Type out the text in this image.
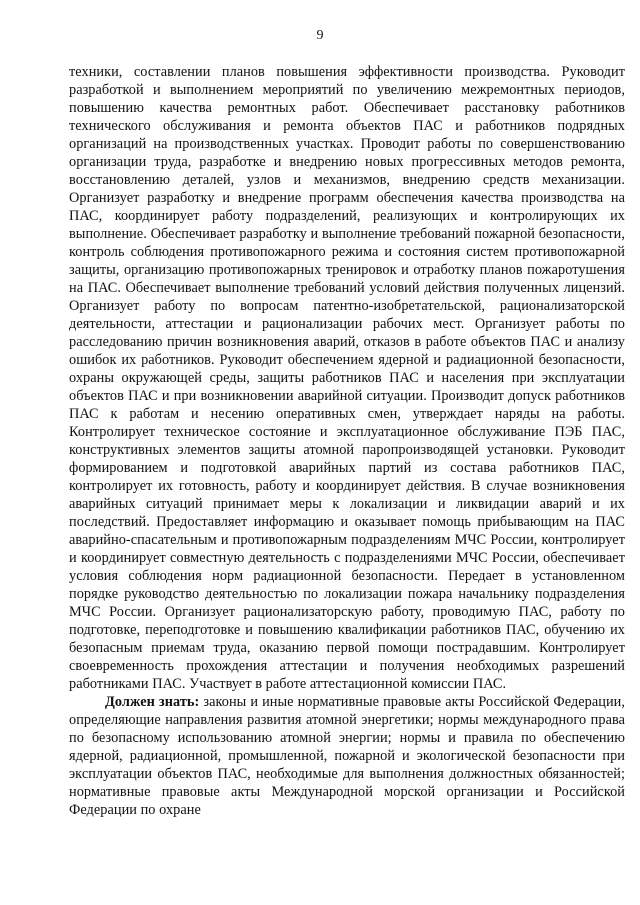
9

техники, составлении планов повышения эффективности производства. Руководит разработкой и выполнением мероприятий по увеличению межремонтных периодов, повышению качества ремонтных работ. Обеспечивает расстановку работников технического обслуживания и ремонта объектов ПАС и работников подрядных организаций на производственных участках. Проводит работы по совершенствованию организации труда, разработке и внедрению новых прогрессивных методов ремонта, восстановлению деталей, узлов и механизмов, внедрению средств механизации. Организует разработку и внедрение программ обеспечения качества производства на ПАС, координирует работу подразделений, реализующих и контролирующих их выполнение. Обеспечивает разработку и выполнение требований пожарной безопасности, контроль соблюдения противопожарного режима и состояния систем противопожарной защиты, организацию противопожарных тренировок и отработку планов пожаротушения на ПАС. Обеспечивает выполнение требований условий действия полученных лицензий. Организует работу по вопросам патентно-изобретательской, рационализаторской деятельности, аттестации и рационализации рабочих мест. Организует работы по расследованию причин возникновения аварий, отказов в работе объектов ПАС и анализу ошибок их работников. Руководит обеспечением ядерной и радиационной безопасности, охраны окружающей среды, защиты работников ПАС и населения при эксплуатации объектов ПАС и при возникновении аварийной ситуации. Производит допуск работников ПАС к работам и несению оперативных смен, утверждает наряды на работы. Контролирует техническое состояние и эксплуатационное обслуживание ПЭБ ПАС, конструктивных элементов защиты атомной паропроизводящей установки. Руководит формированием и подготовкой аварийных партий из состава работников ПАС, контролирует их готовность, работу и координирует действия. В случае возникновения аварийных ситуаций принимает меры к локализации и ликвидации аварий и их последствий. Предоставляет информацию и оказывает помощь прибывающим на ПАС аварийно-спасательным и противопожарным подразделениям МЧС России, контролирует и координирует совместную деятельность с подразделениями МЧС России, обеспечивает условия соблюдения норм радиационной безопасности. Передает в установленном порядке руководство деятельностью по локализации пожара начальнику подразделения МЧС России. Организует рационализаторскую работу, проводимую ПАС, работу по подготовке, переподготовке и повышению квалификации работников ПАС, обучению их безопасным приемам труда, оказанию первой помощи пострадавшим. Контролирует своевременность прохождения аттестации и получения необходимых разрешений работниками ПАС. Участвует в работе аттестационной комиссии ПАС.

Должен знать: законы и иные нормативные правовые акты Российской Федерации, определяющие направления развития атомной энергетики; нормы международного права по безопасному использованию атомной энергии; нормы и правила по обеспечению ядерной, радиационной, промышленной, пожарной и экологической безопасности при эксплуатации объектов ПАС, необходимые для выполнения должностных обязанностей; нормативные правовые акты Международной морской организации и Российской Федерации по охране
